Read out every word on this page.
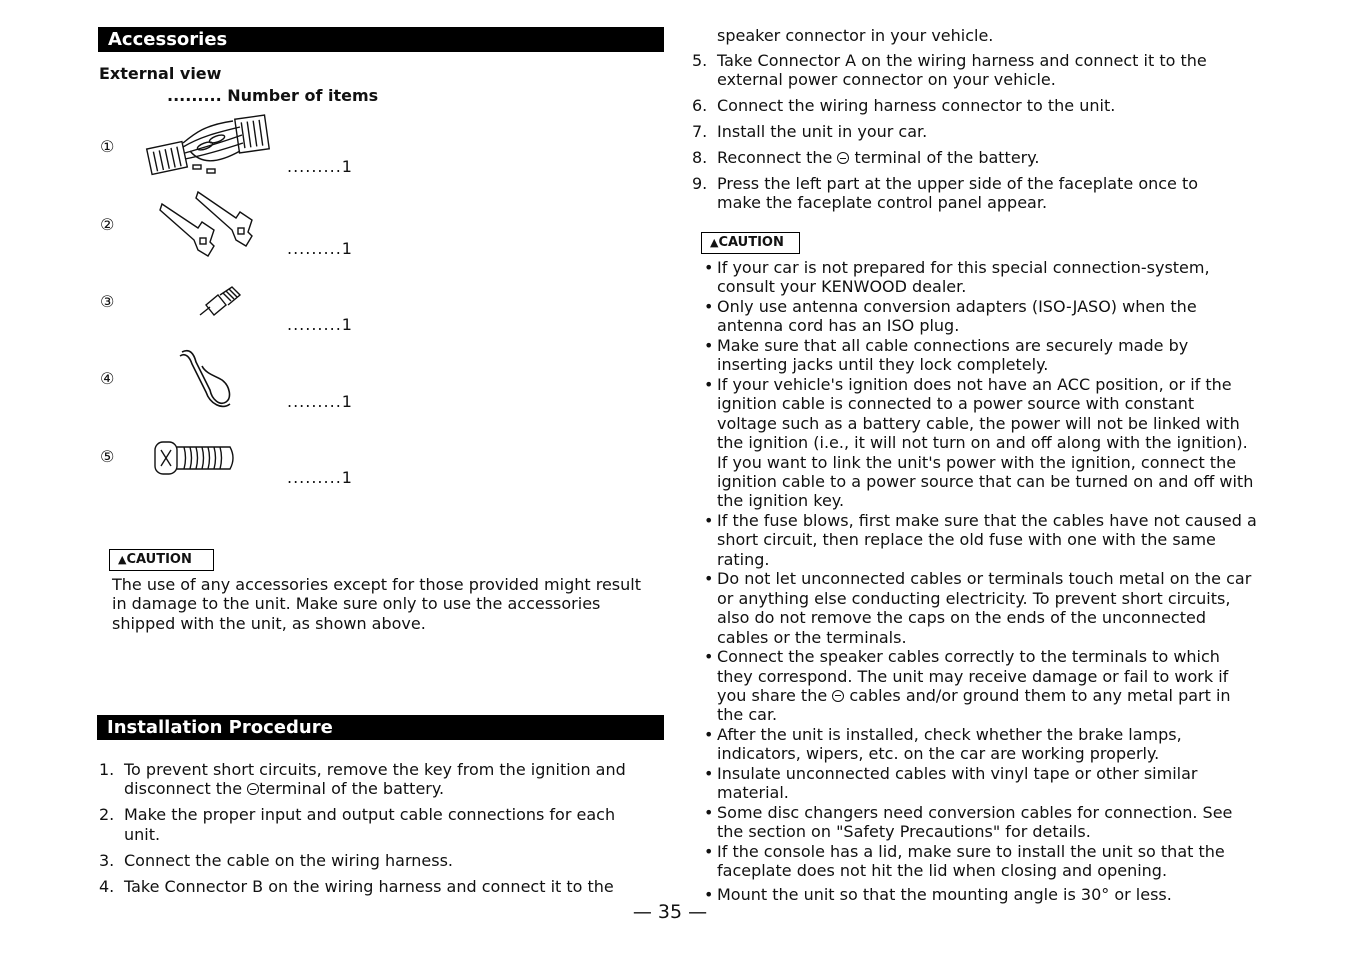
Accessories
External view
......... Number of items
①
②
③
④
⑤
.........1
.........1
.........1
.........1
.........1
▲CAUTION
The use of any accessories except for those provided might result in damage to the unit. Make sure only to use the accessories shipped with the unit, as shown above.
Installation Procedure
1. To prevent short circuits, remove the key from the ignition and disconnect the terminal of the battery.
2. Make the proper input and output cable connections for each unit.
3. Connect the cable on the wiring harness.
4. Take Connector B on the wiring harness and connect it to the
speaker connector in your vehicle.
5. Take Connector A on the wiring harness and connect it to the external power connector on your vehicle.
6. Connect the wiring harness connector to the unit.
7. Install the unit in your car.
8. Reconnect the  terminal of the battery.
9. Press the left part at the upper side of the faceplate once to make the faceplate control panel appear.
▲CAUTION
• If your car is not prepared for this special connection-system, consult your KENWOOD dealer.
• Only use antenna conversion adapters (ISO-JASO) when the antenna cord has an ISO plug.
• Make sure that all cable connections are securely made by inserting jacks until they lock completely.
• If your vehicle's ignition does not have an ACC position, or if the ignition cable is connected to a power source with constant voltage such as a battery cable, the power will not be linked with the ignition (i.e., it will not turn on and off along with the ignition). If you want to link the unit's power with the ignition, connect the ignition cable to a power source that can be turned on and off with the ignition key.
• If the fuse blows, first make sure that the cables have not caused a short circuit, then replace the old fuse with one with the same rating.
• Do not let unconnected cables or terminals touch metal on the car or anything else conducting electricity. To prevent short circuits, also do not remove the caps on the ends of the unconnected cables or the terminals.
• Connect the speaker cables correctly to the terminals to which they correspond. The unit may receive damage or fail to work if you share the  cables and/or ground them to any metal part in the car.
• After the unit is installed, check whether the brake lamps, indicators, wipers, etc. on the car are working properly.
• Insulate unconnected cables with vinyl tape or other similar material.
• Some disc changers need conversion cables for connection. See the section on "Safety Precautions" for details.
• If the console has a lid, make sure to install the unit so that the faceplate does not hit the lid when closing and opening.
• Mount the unit so that the mounting angle is 30° or less.
— 35 —
